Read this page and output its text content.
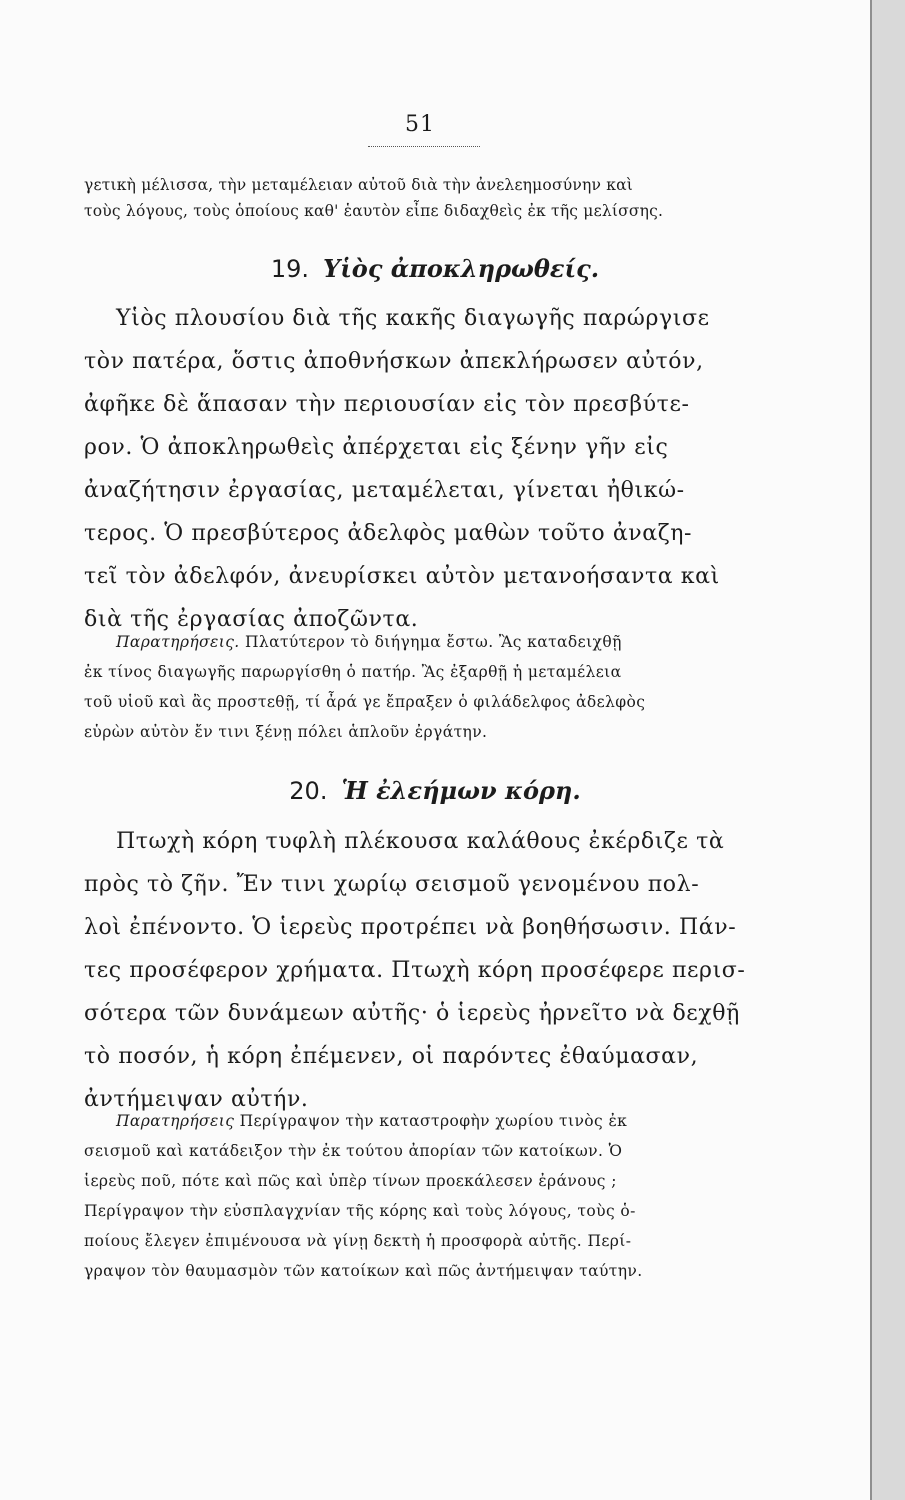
51
γετικὴ μέλισσα, τὴν μεταμέλειαν αὐτοῦ διὰ τὴν ἀνελεημοσύνην καὶ
τοὺς λόγους, τοὺς ὁποίους καθ' ἑαυτὸν εἶπε διδαχθεὶς ἐκ τῆς μελίσσης.
19. Υἱὸς ἀποκληρωθείς.
Υἱὸς πλουσίου διὰ τῆς κακῆς διαγωγῆς παρώργισε
τὸν πατέρα, ὅστις ἀποθνήσκων ἀπεκλήρωσεν αὐτόν,
ἀφῆκε δὲ ἅπασαν τὴν περιουσίαν εἰς τὸν πρεσβύτε-
ρον. Ὁ ἀποκληρωθεὶς ἀπέρχεται εἰς ξένην γῆν εἰς
ἀναζήτησιν ἐργασίας, μεταμέλεται, γίνεται ἠθικώ-
τερος. Ὁ πρεσβύτερος ἀδελφὸς μαθὼν τοῦτο ἀναζη-
τεῖ τὸν ἀδελφόν, ἀνευρίσκει αὐτὸν μετανοήσαντα καὶ
διὰ τῆς ἐργασίας ἀποζῶντα.
Παρατηρήσεις. Πλατύτερον τὸ διήγημα ἔστω. Ἂς καταδειχθῇ
ἐκ τίνος διαγωγῆς παρωργίσθη ὁ πατήρ. Ἂς ἐξαρθῇ ἡ μεταμέλεια
τοῦ υἱοῦ καὶ ἂς προστεθῇ, τί ἆρά γε ἔπραξεν ὁ φιλάδελφος ἀδελφὸς
εὑρὼν αὐτὸν ἔν τινι ξένῃ πόλει ἁπλοῦν ἐργάτην.
20. Ἡ ἐλεήμων κόρη.
Πτωχὴ κόρη τυφλὴ πλέκουσα καλάθους ἐκέρδιζε τὰ
πρὸς τὸ ζῆν. Ἔν τινι χωρίῳ σεισμοῦ γενομένου πολ-
λοὶ ἐπένοντο. Ὁ ἱερεὺς προτρέπει νὰ βοηθήσωσιν. Πάν-
τες προσέφερον χρήματα. Πτωχὴ κόρη προσέφερε περισ-
σότερα τῶν δυνάμεων αὐτῆς· ὁ ἱερεὺς ἠρνεῖτο νὰ δεχθῇ
τὸ ποσόν, ἡ κόρη ἐπέμενεν, οἱ παρόντες ἐθαύμασαν,
ἀντήμειψαν αὐτήν.
Παρατηρήσεις Περίγραψον τὴν καταστροφὴν χωρίου τινὸς ἐκ
σεισμοῦ καὶ κατάδειξον τὴν ἐκ τούτου ἀπορίαν τῶν κατοίκων. Ὁ
ἱερεὺς ποῦ, πότε καὶ πῶς καὶ ὑπὲρ τίνων προεκάλεσεν ἐράνους ;
Περίγραψον τὴν εὐσπλαγχνίαν τῆς κόρης καὶ τοὺς λόγους, τοὺς ὁ-
ποίους ἔλεγεν ἐπιμένουσα νὰ γίνῃ δεκτὴ ἡ προσφορὰ αὐτῆς. Περί-
γραψον τὸν θαυμασμὸν τῶν κατοίκων καὶ πῶς ἀντήμειψαν ταύτην.
